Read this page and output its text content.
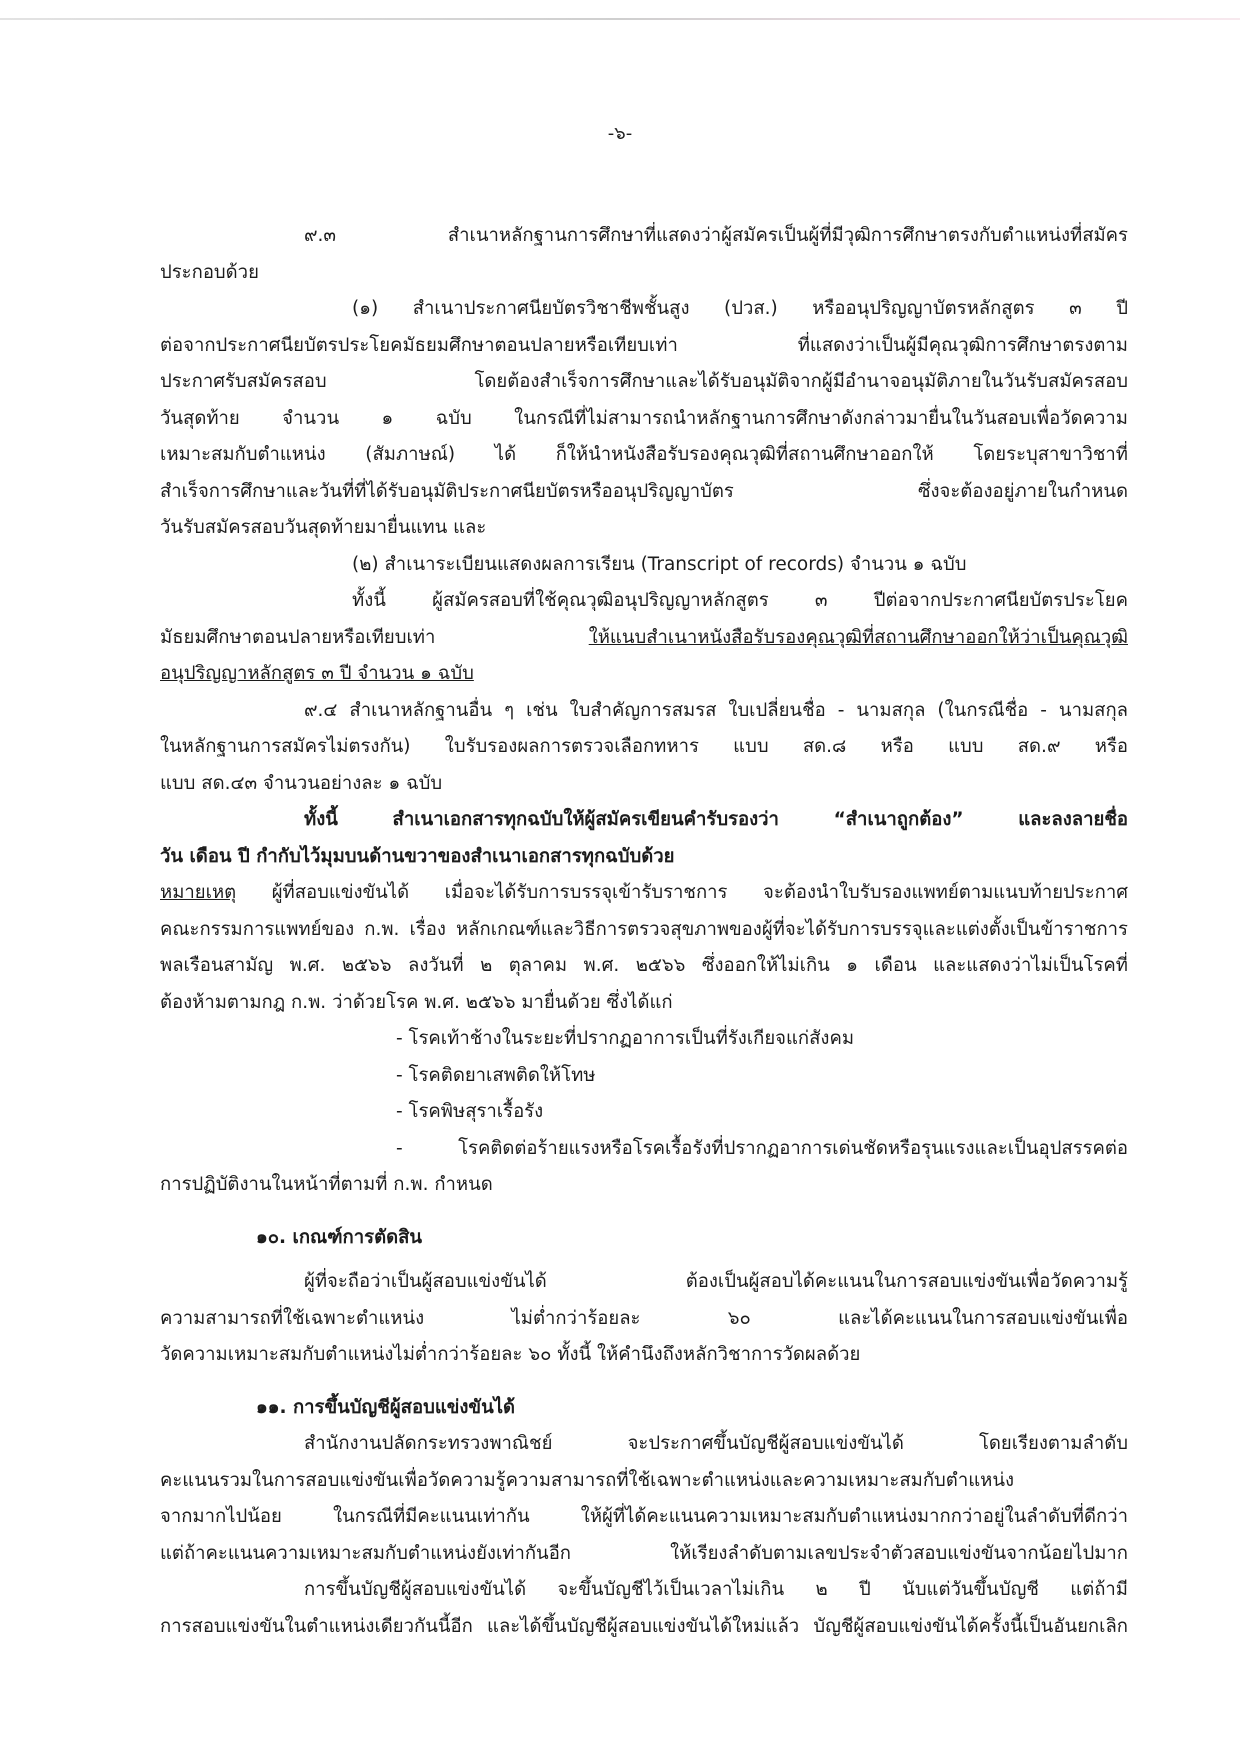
-๖-
๙.๓ สำเนาหลักฐานการศึกษาที่แสดงว่าผู้สมัครเป็นผู้ที่มีวุฒิการศึกษาตรงกับตำแหน่งที่สมัคร
ประกอบด้วย
(๑) สำเนาประกาศนียบัตรวิชาชีพชั้นสูง (ปวส.) หรืออนุปริญญาบัตรหลักสูตร ๓ ปี
ต่อจากประกาศนียบัตรประโยคมัธยมศึกษาตอนปลายหรือเทียบเท่า ที่แสดงว่าเป็นผู้มีคุณวุฒิการศึกษาตรงตาม
ประกาศรับสมัครสอบ โดยต้องสำเร็จการศึกษาและได้รับอนุมัติจากผู้มีอำนาจอนุมัติภายในวันรับสมัครสอบ
วันสุดท้าย จำนวน ๑ ฉบับ ในกรณีที่ไม่สามารถนำหลักฐานการศึกษาดังกล่าวมายื่นในวันสอบเพื่อวัดความ
เหมาะสมกับตำแหน่ง (สัมภาษณ์) ได้ ก็ให้นำหนังสือรับรองคุณวุฒิที่สถานศึกษาออกให้ โดยระบุสาขาวิชาที่
สำเร็จการศึกษาและวันที่ที่ได้รับอนุมัติประกาศนียบัตรหรืออนุปริญญาบัตร ซึ่งจะต้องอยู่ภายในกำหนด
วันรับสมัครสอบวันสุดท้ายมายื่นแทน และ
(๒) สำเนาระเบียนแสดงผลการเรียน (Transcript of records) จำนวน ๑ ฉบับ
ทั้งนี้ ผู้สมัครสอบที่ใช้คุณวุฒิอนุปริญญาหลักสูตร ๓ ปีต่อจากประกาศนียบัตรประโยค
มัธยมศึกษาตอนปลายหรือเทียบเท่า ให้แนบสำเนาหนังสือรับรองคุณวุฒิที่สถานศึกษาออกให้ว่าเป็นคุณวุฒิ
อนุปริญญาหลักสูตร ๓ ปี จำนวน ๑ ฉบับ
๙.๔ สำเนาหลักฐานอื่น ๆ เช่น ใบสำคัญการสมรส ใบเปลี่ยนชื่อ - นามสกุล (ในกรณีชื่อ - นามสกุล
ในหลักฐานการสมัครไม่ตรงกัน) ใบรับรองผลการตรวจเลือกทหาร แบบ สด.๘ หรือ แบบ สด.๙ หรือ
แบบ สด.๔๓ จำนวนอย่างละ ๑ ฉบับ
ทั้งนี้ สำเนาเอกสารทุกฉบับให้ผู้สมัครเขียนคำรับรองว่า “สำเนาถูกต้อง” และลงลายชื่อ
วัน เดือน ปี กำกับไว้มุมบนด้านขวาของสำเนาเอกสารทุกฉบับด้วย
หมายเหตุ ผู้ที่สอบแข่งขันได้ เมื่อจะได้รับการบรรจุเข้ารับราชการ จะต้องนำใบรับรองแพทย์ตามแนบท้ายประกาศ
คณะกรรมการแพทย์ของ ก.พ. เรื่อง หลักเกณฑ์และวิธีการตรวจสุขภาพของผู้ที่จะได้รับการบรรจุและแต่งตั้งเป็นข้าราชการ
พลเรือนสามัญ พ.ศ. ๒๕๖๖ ลงวันที่ ๒ ตุลาคม พ.ศ. ๒๕๖๖ ซึ่งออกให้ไม่เกิน ๑ เดือน และแสดงว่าไม่เป็นโรคที่
ต้องห้ามตามกฎ ก.พ. ว่าด้วยโรค พ.ศ. ๒๕๖๖ มายื่นด้วย ซึ่งได้แก่
- โรคเท้าช้างในระยะที่ปรากฏอาการเป็นที่รังเกียจแก่สังคม
- โรคติดยาเสพติดให้โทษ
- โรคพิษสุราเรื้อรัง
- โรคติดต่อร้ายแรงหรือโรคเรื้อรังที่ปรากฏอาการเด่นชัดหรือรุนแรงและเป็นอุปสรรคต่อ
การปฏิบัติงานในหน้าที่ตามที่ ก.พ. กำหนด
๑๐. เกณฑ์การตัดสิน
ผู้ที่จะถือว่าเป็นผู้สอบแข่งขันได้ ต้องเป็นผู้สอบได้คะแนนในการสอบแข่งขันเพื่อวัดความรู้
ความสามารถที่ใช้เฉพาะตำแหน่ง ไม่ต่ำกว่าร้อยละ ๖๐ และได้คะแนนในการสอบแข่งขันเพื่อ
วัดความเหมาะสมกับตำแหน่งไม่ต่ำกว่าร้อยละ ๖๐ ทั้งนี้ ให้คำนึงถึงหลักวิชาการวัดผลด้วย
๑๑. การขึ้นบัญชีผู้สอบแข่งขันได้
สำนักงานปลัดกระทรวงพาณิชย์ จะประกาศขึ้นบัญชีผู้สอบแข่งขันได้ โดยเรียงตามลำดับ
คะแนนรวมในการสอบแข่งขันเพื่อวัดความรู้ความสามารถที่ใช้เฉพาะตำแหน่งและความเหมาะสมกับตำแหน่ง
จากมากไปน้อย ในกรณีที่มีคะแนนเท่ากัน ให้ผู้ที่ได้คะแนนความเหมาะสมกับตำแหน่งมากกว่าอยู่ในลำดับที่ดีกว่า
แต่ถ้าคะแนนความเหมาะสมกับตำแหน่งยังเท่ากันอีก ให้เรียงลำดับตามเลขประจำตัวสอบแข่งขันจากน้อยไปมาก
การขึ้นบัญชีผู้สอบแข่งขันได้ จะขึ้นบัญชีไว้เป็นเวลาไม่เกิน ๒ ปี นับแต่วันขึ้นบัญชี แต่ถ้ามี
การสอบแข่งขันในตำแหน่งเดียวกันนี้อีก และได้ขึ้นบัญชีผู้สอบแข่งขันได้ใหม่แล้ว บัญชีผู้สอบแข่งขันได้ครั้งนี้เป็นอันยกเลิก
